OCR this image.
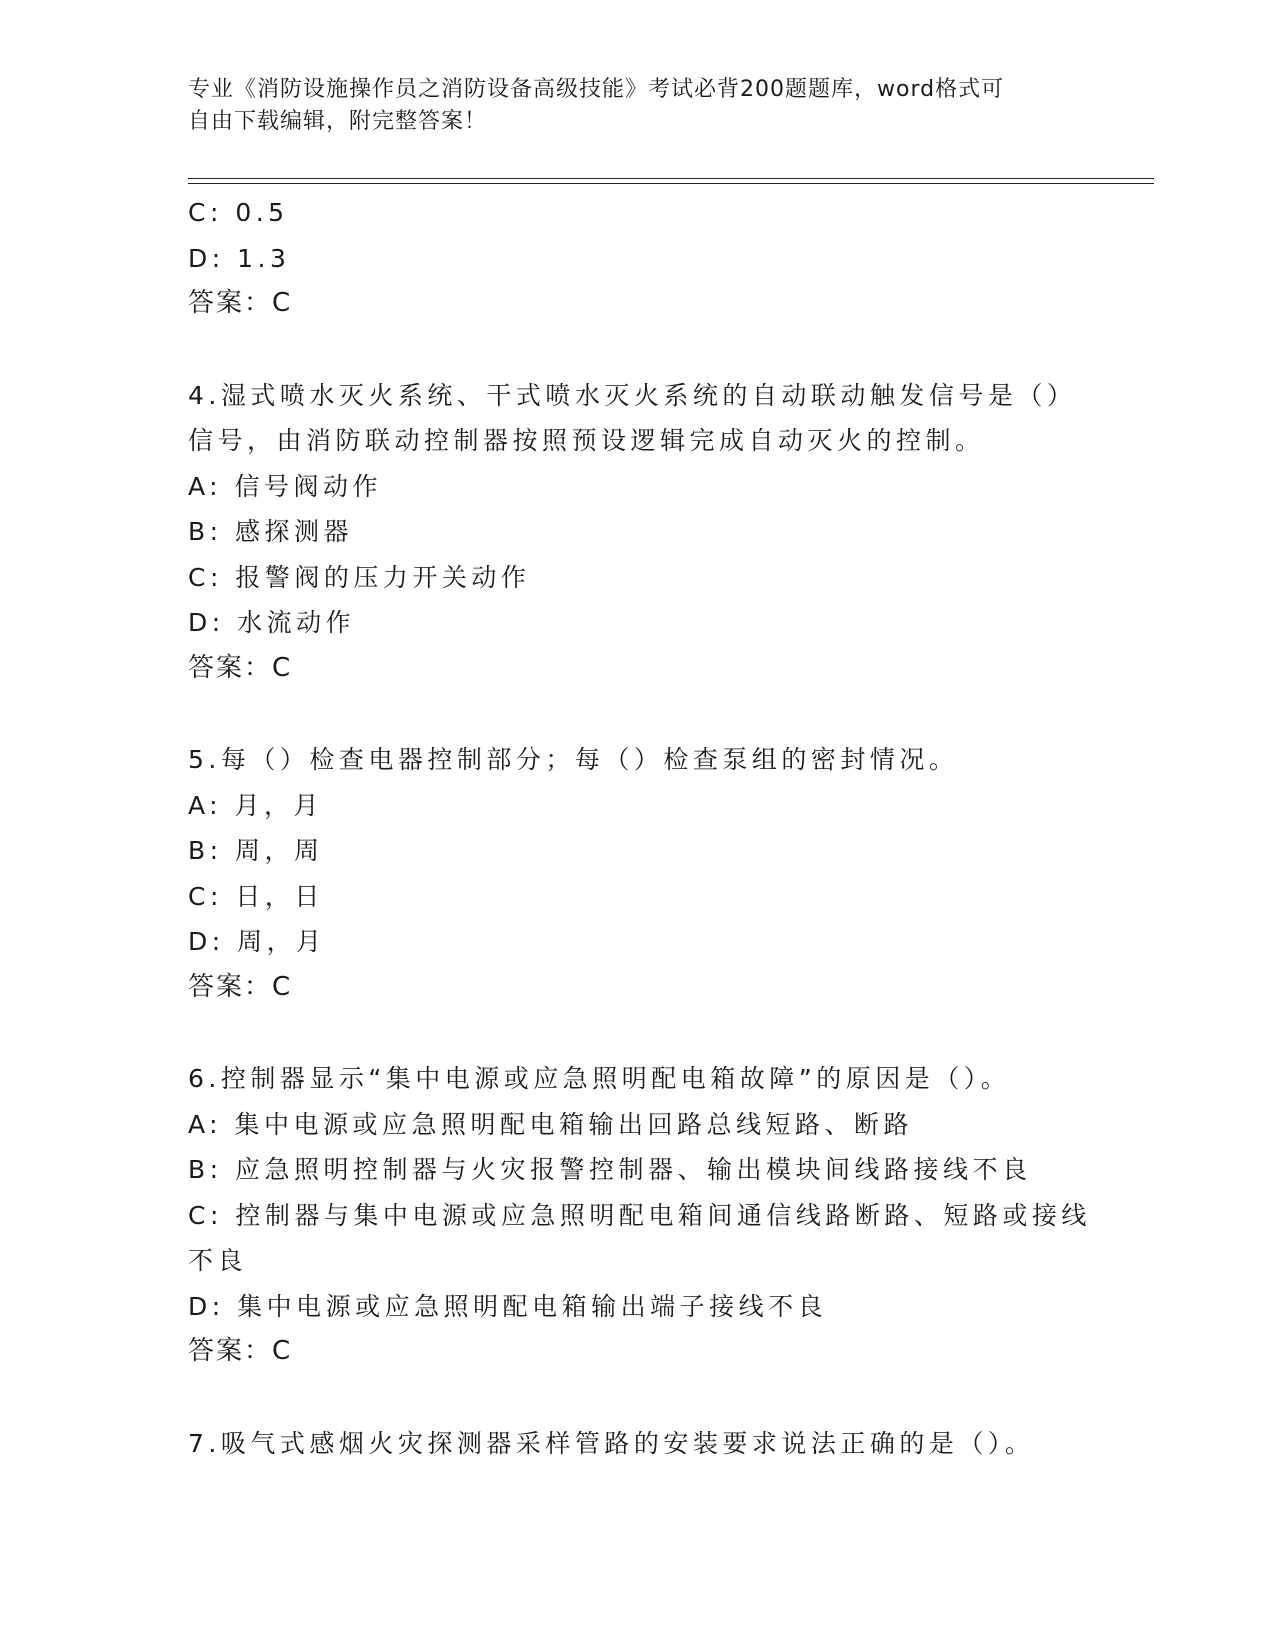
专业《消防设施操作员之消防设备高级技能》考试必背200题题库，word格式可
自由下载编辑，附完整答案！
C: 0.5
D: 1.3
答案：C
4.湿式喷水灭火系统、干式喷水灭火系统的自动联动触发信号是（）
信号，由消防联动控制器按照预设逻辑完成自动灭火的控制。
A: 信号阀动作
B: 感探测器
C: 报警阀的压力开关动作
D: 水流动作
答案：C
5.每（）检查电器控制部分；每（）检查泵组的密封情况。
A: 月，月
B: 周，周
C: 日，日
D: 周，月
答案：C
6.控制器显示“集中电源或应急照明配电箱故障”的原因是（）。
A: 集中电源或应急照明配电箱输出回路总线短路、断路
B: 应急照明控制器与火灾报警控制器、输出模块间线路接线不良
C: 控制器与集中电源或应急照明配电箱间通信线路断路、短路或接线
不良
D: 集中电源或应急照明配电箱输出端子接线不良
答案：C
7.吸气式感烟火灾探测器采样管路的安装要求说法正确的是（）。
